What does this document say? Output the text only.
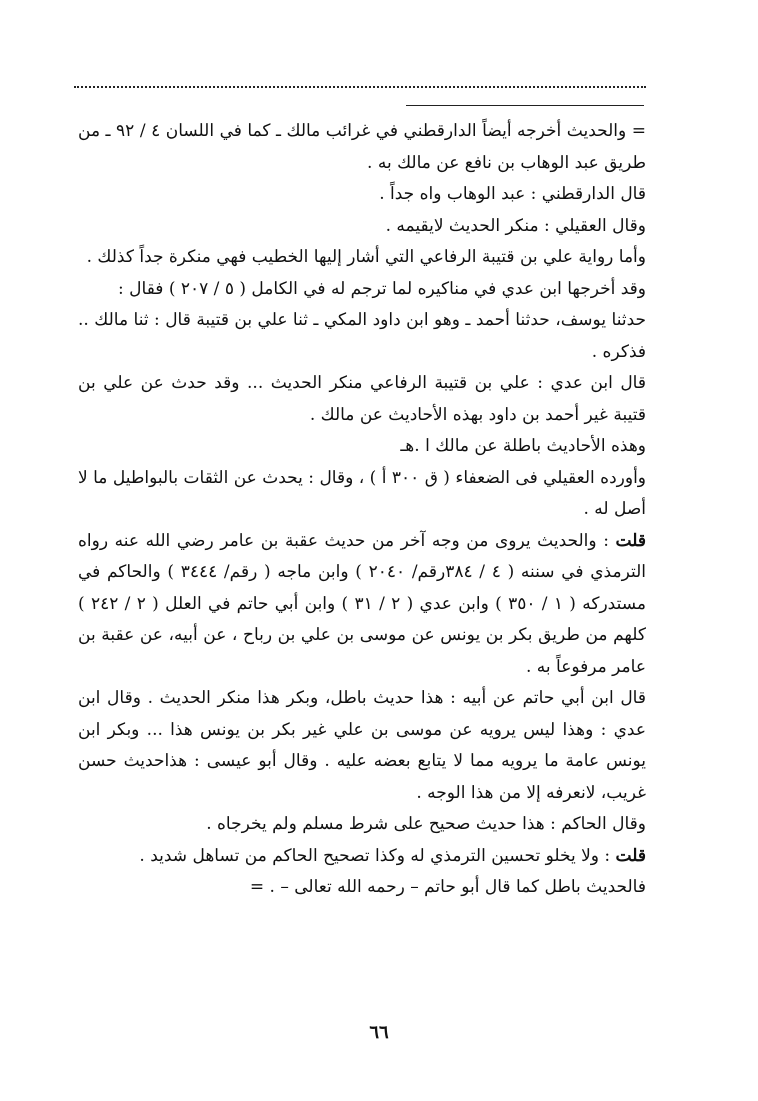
= والحديث أخرجه أيضاً الدارقطني في غرائب مالك ـ كما في اللسان ٤ / ٩٢ ـ من طريق عبد الوهاب بن نافع عن مالك به .

قال الدارقطني : عبد الوهاب واه جداً .

وقال العقيلي : منكر الحديث لايقيمه .

وأما رواية علي بن قتيبة الرفاعي التي أشار إليها الخطيب فهي منكرة جداً كذلك .

وقد أخرجها ابن عدي في مناكيره لما ترجم له في الكامل ( ٥ / ٢٠٧ ) فقال :

حدثنا يوسف، حدثنا أحمد ـ وهو ابن داود المكي ـ ثنا علي بن قتيبة قال : ثنا مالك .. فذكره .

قال ابن عدي : علي بن قتيبة الرفاعي منكر الحديث ... وقد حدث عن علي بن قتيبة غير أحمد بن داود بهذه الأحاديث عن مالك .

وهذه الأحاديث باطلة عن مالك ا .هـ

وأورده العقيلي فى الضعفاء ( ق ٣٠٠ أ ) ، وقال : يحدث عن الثقات بالبواطيل ما لا أصل له .

قلت : والحديث يروى من وجه آخر من حديث عقبة بن عامر رضي الله عنه رواه الترمذي في سننه ( ٤ / ٣٨٤رقم/ ٢٠٤٠ ) وابن ماجه ( رقم/ ٣٤٤٤ ) والحاكم في مستدركه ( ١ / ٣٥٠ ) وابن عدي ( ٢ / ٣١ ) وابن أبي حاتم في العلل ( ٢ / ٢٤٢ ) كلهم من طريق بكر بن يونس عن موسى بن علي بن رباح ، عن أبيه، عن عقبة بن عامر مرفوعاً به .

قال ابن أبي حاتم عن أبيه : هذا حديث باطل، وبكر هذا منكر الحديث . وقال ابن عدي : وهذا ليس يرويه عن موسى بن علي غير بكر بن يونس هذا ... وبكر ابن يونس عامة ما يرويه مما لا يتابع بعضه عليه . وقال أبو عيسى : هذاحديث حسن غريب، لانعرفه إلا من هذا الوجه .

وقال الحاكم : هذا حديث صحيح على شرط مسلم ولم يخرجاه .

قلت : ولا يخلو تحسين الترمذي له وكذا تصحيح الحاكم من تساهل شديد .

فالحديث باطل كما قال أبو حاتم – رحمه الله تعالى – . =

٦٦
